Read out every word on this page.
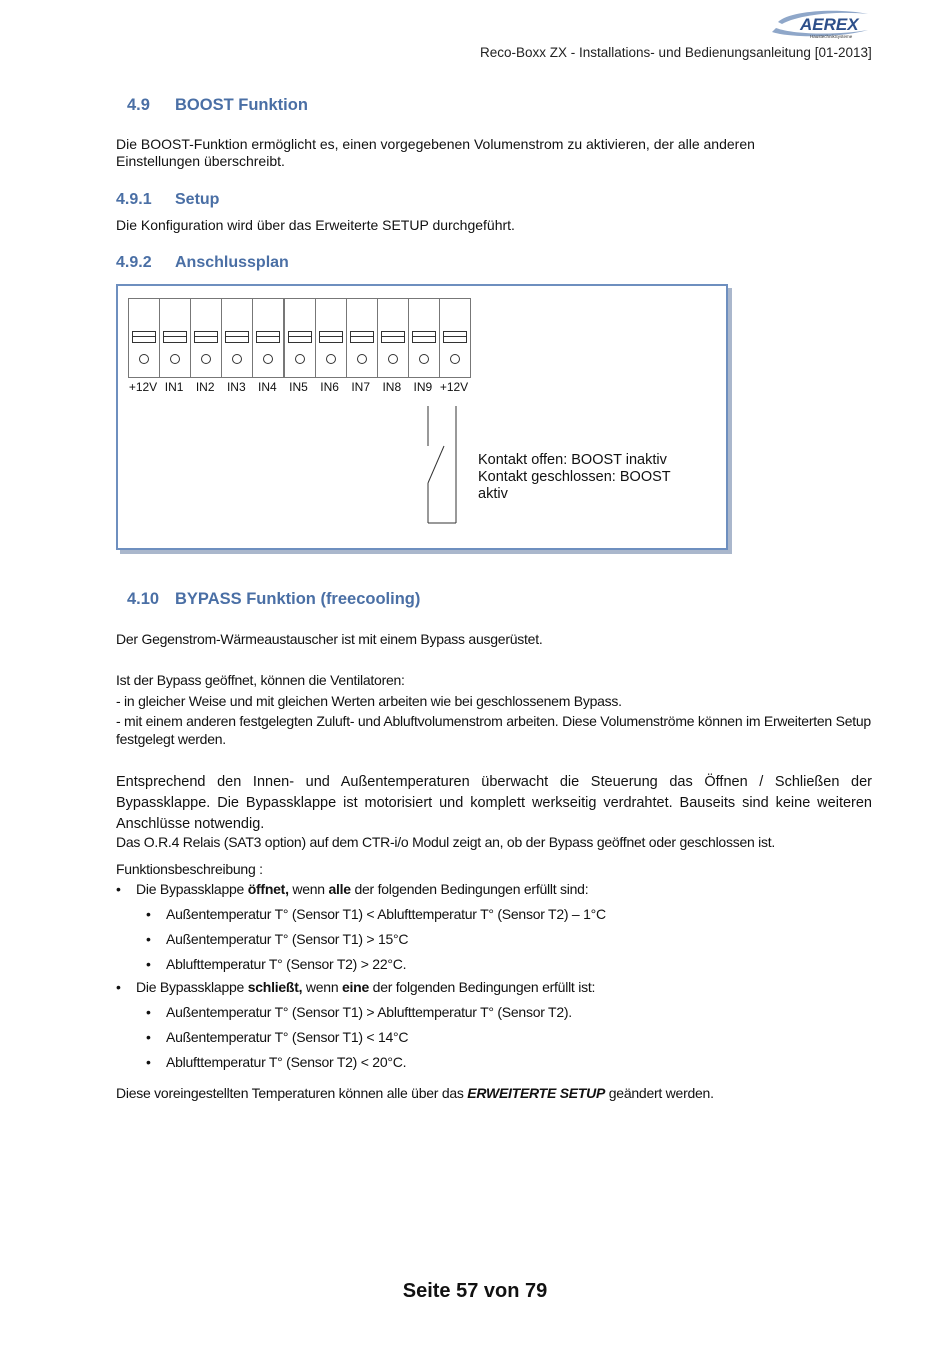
AEREX
HaustechnikSysteme
Reco-Boxx ZX - Installations- und Bedienungsanleitung [01-2013]
4.9 BOOST Funktion
Die BOOST-Funktion ermöglicht es, einen vorgegebenen Volumenstrom zu aktivieren, der alle anderen Einstellungen überschreibt.
4.9.1 Setup
Die Konfiguration wird über das Erweiterte SETUP durchgeführt.
4.9.2 Anschlussplan
+12V IN1	IN2	IN3	IN4	IN5	IN6	IN7	IN8	IN9 +12V
Kontakt offen: BOOST inaktiv
Kontakt geschlossen: BOOST
aktiv
4.10 BYPASS Funktion (freecooling)
Der Gegenstrom-Wärmeaustauscher ist mit einem Bypass ausgerüstet.
Ist der Bypass geöffnet, können die Ventilatoren:
- in gleicher Weise und mit gleichen Werten arbeiten wie bei geschlossenem Bypass.
- mit einem anderen festgelegten Zuluft- und Abluftvolumenstrom arbeiten. Diese Volumenströme können im Erweiterten Setup festgelegt werden.
Entsprechend den Innen- und Außentemperaturen überwacht die Steuerung das Öffnen / Schließen der Bypassklappe. Die Bypassklappe ist motorisiert und komplett werkseitig verdrahtet. Bauseits sind keine weiteren Anschlüsse notwendig.
Das O.R.4 Relais (SAT3 option) auf dem CTR-i/o Modul zeigt an, ob der Bypass geöffnet oder geschlossen ist.
Funktionsbeschreibung :
• Die Bypassklappe öffnet, wenn alle der folgenden Bedingungen erfüllt sind:
• Außentemperatur T° (Sensor T1) < Ablufttemperatur T° (Sensor T2) – 1°C
• Außentemperatur T° (Sensor T1) > 15°C
• Ablufttemperatur T° (Sensor T2) > 22°C.
• Die Bypassklappe schließt, wenn eine der folgenden Bedingungen erfüllt ist:
• Außentemperatur T° (Sensor T1) > Ablufttemperatur T° (Sensor T2).
• Außentemperatur T° (Sensor T1) < 14°C
• Ablufttemperatur T° (Sensor T2) < 20°C.
Diese voreingestellten Temperaturen können alle über das ERWEITERTE SETUP geändert werden.
Seite 57 von 79
